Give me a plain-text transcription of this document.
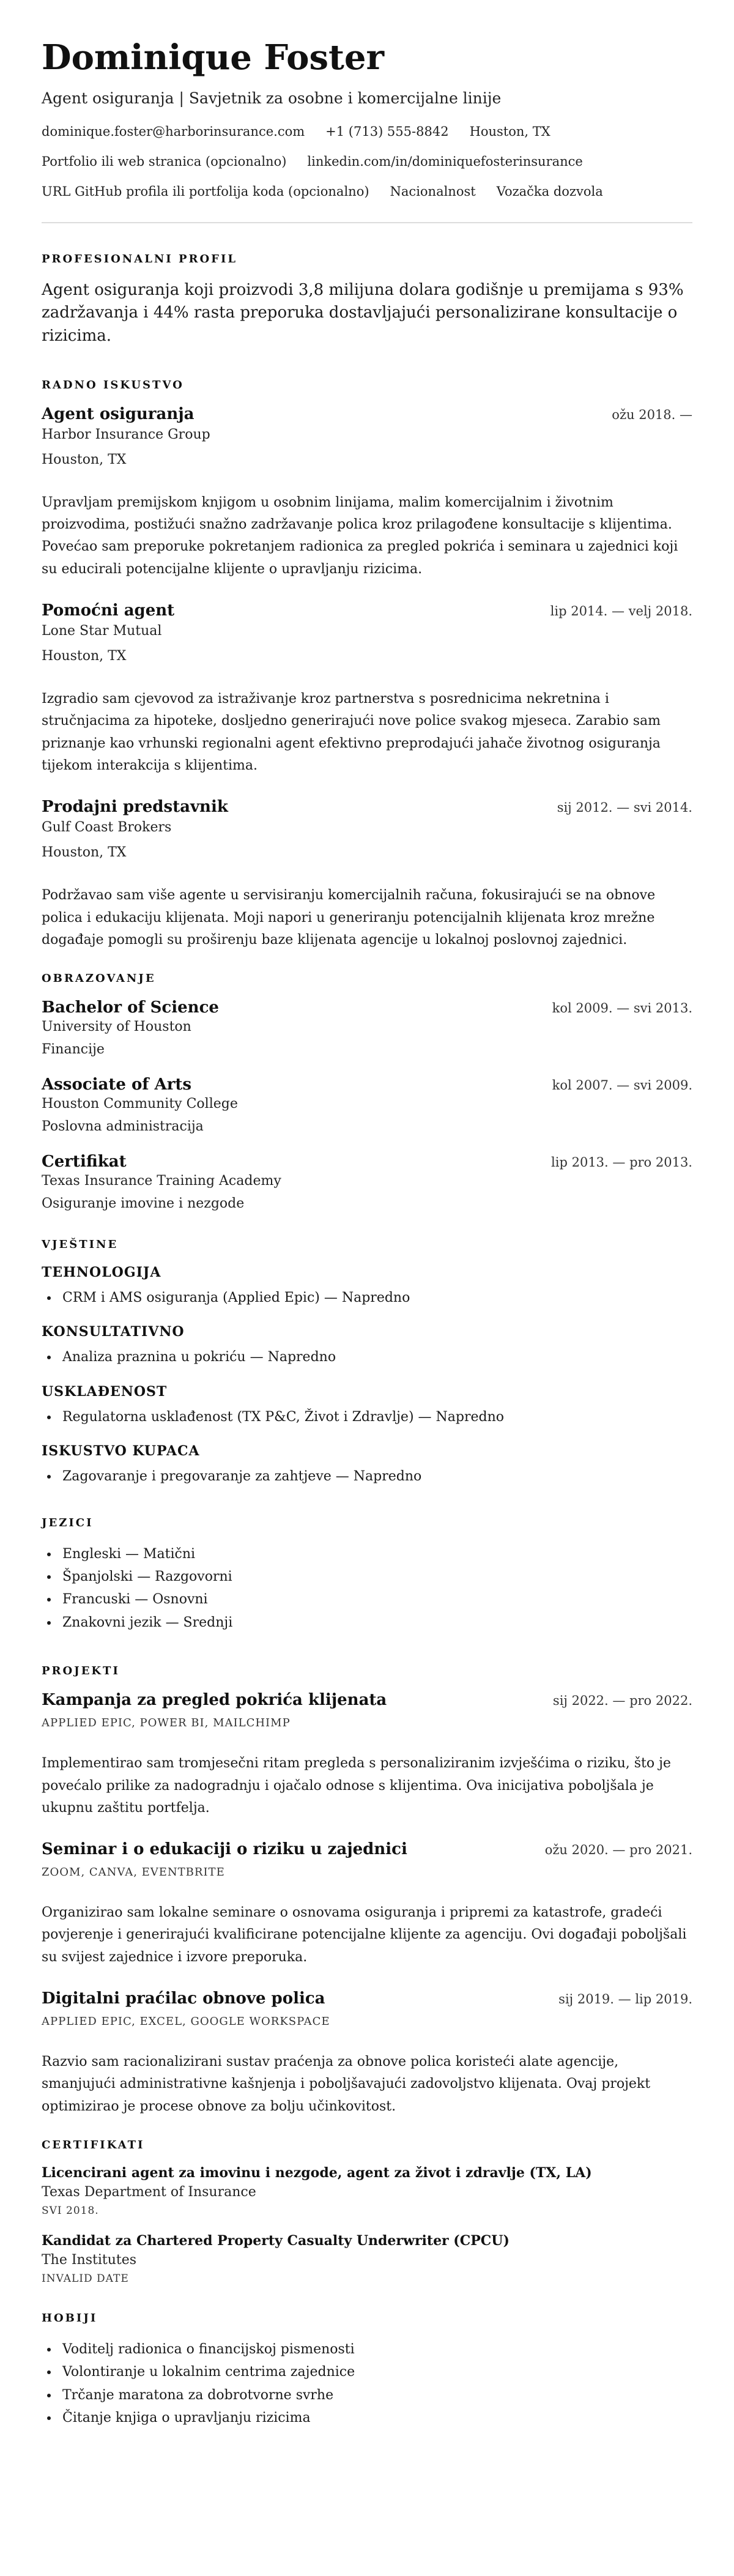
Dominique Foster
Agent osiguranja | Savjetnik za osobne i komercijalne linije
dominique.foster@harborinsurance.com +1 (713) 555-8842 Houston, TX
Portfolio ili web stranica (opcionalno) linkedin.com/in/dominiquefosterinsurance
URL GitHub profila ili portfolija koda (opcionalno) Nacionalnost Vozačka dozvola
PROFESIONALNI PROFIL

Agent osiguranja koji proizvodi 3,8 milijuna dolara godišnje u premijama s 93% zadržavanja i 44% rasta preporuka dostavljajući personalizirane konsultacije o rizicima.

RADNO ISKUSTVO
Agent osiguranja	ožu 2018. —
Harbor Insurance Group
Houston, TX

Upravljam premijskom knjigom u osobnim linijama, malim komercijalnim i životnim proizvodima, postižući snažno zadržavanje polica kroz prilagođene konsultacije s klijentima. Povećao sam preporuke pokretanjem radionica za pregled pokrića i seminara u zajednici koji su educirali potencijalne klijente o upravljanju rizicima.

Pomoćni agent	lip 2014. — velj 2018.
Lone Star Mutual
Houston, TX

Izgradio sam cjevovod za istraživanje kroz partnerstva s posrednicima nekretnina i stručnjacima za hipoteke, dosljedno generirajući nove police svakog mjeseca. Zarabio sam priznanje kao vrhunski regionalni agent efektivno preprodajući jahače životnog osiguranja tijekom interakcija s klijentima.

Prodajni predstavnik	sij 2012. — svi 2014.
Gulf Coast Brokers
Houston, TX

Podržavao sam više agente u servisiranju komercijalnih računa, fokusirajući se na obnove polica i edukaciju klijenata. Moji napori u generiranju potencijalnih klijenata kroz mrežne događaje pomogli su proširenju baze klijenata agencije u lokalnoj poslovnoj zajednici.

OBRAZOVANJE
Bachelor of Science	kol 2009. — svi 2013.
University of Houston
Financije
Associate of Arts	kol 2007. — svi 2009.
Houston Community College
Poslovna administracija
Certifikat	lip 2013. — pro 2013.
Texas Insurance Training Academy
Osiguranje imovine i nezgode
VJEŠTINE
TEHNOLOGIJA
• CRM i AMS osiguranja (Applied Epic) — Napredno
KONSULTATIVNO
• Analiza praznina u pokriću — Napredno
USKLAĐENOST
• Regulatorna usklađenost (TX P&C, Život i Zdravlje) — Napredno
ISKUSTVO KUPACA
• Zagovaranje i pregovaranje za zahtjeve — Napredno
JEZICI
• Engleski — Matični
• Španjolski — Razgovorni
• Francuski — Osnovni
• Znakovni jezik — Srednji
PROJEKTI
Kampanja za pregled pokrića klijenata	sij 2022. — pro 2022.
APPLIED EPIC, POWER BI, MAILCHIMP

Implementirao sam tromjesečni ritam pregleda s personaliziranim izvješćima o riziku, što je povećalo prilike za nadogradnju i ojačalo odnose s klijentima. Ova inicijativa poboljšala je ukupnu zaštitu portfelja.

Seminar i o edukaciji o riziku u zajednici	ožu 2020. — pro 2021.
ZOOM, CANVA, EVENTBRITE

Organizirao sam lokalne seminare o osnovama osiguranja i pripremi za katastrofe, gradeći povjerenje i generirajući kvalificirane potencijalne klijente za agenciju. Ovi događaji poboljšali su svijest zajednice i izvore preporuka.

Digitalni praćilac obnove polica	sij 2019. — lip 2019.
APPLIED EPIC, EXCEL, GOOGLE WORKSPACE

Razvio sam racionalizirani sustav praćenja za obnove polica koristeći alate agencije, smanjujući administrativne kašnjenja i poboljšavajući zadovoljstvo klijenata. Ovaj projekt optimizirao je procese obnove za bolju učinkovitost.

CERTIFIKATI
Licencirani agent za imovinu i nezgode, agent za život i zdravlje (TX, LA)
Texas Department of Insurance
SVI 2018.
Kandidat za Chartered Property Casualty Underwriter (CPCU)
The Institutes
INVALID DATE
HOBIJI
• Voditelj radionica o financijskoj pismenosti
• Volontiranje u lokalnim centrima zajednice
• Trčanje maratona za dobrotvorne svrhe
• Čitanje knjiga o upravljanju rizicima
